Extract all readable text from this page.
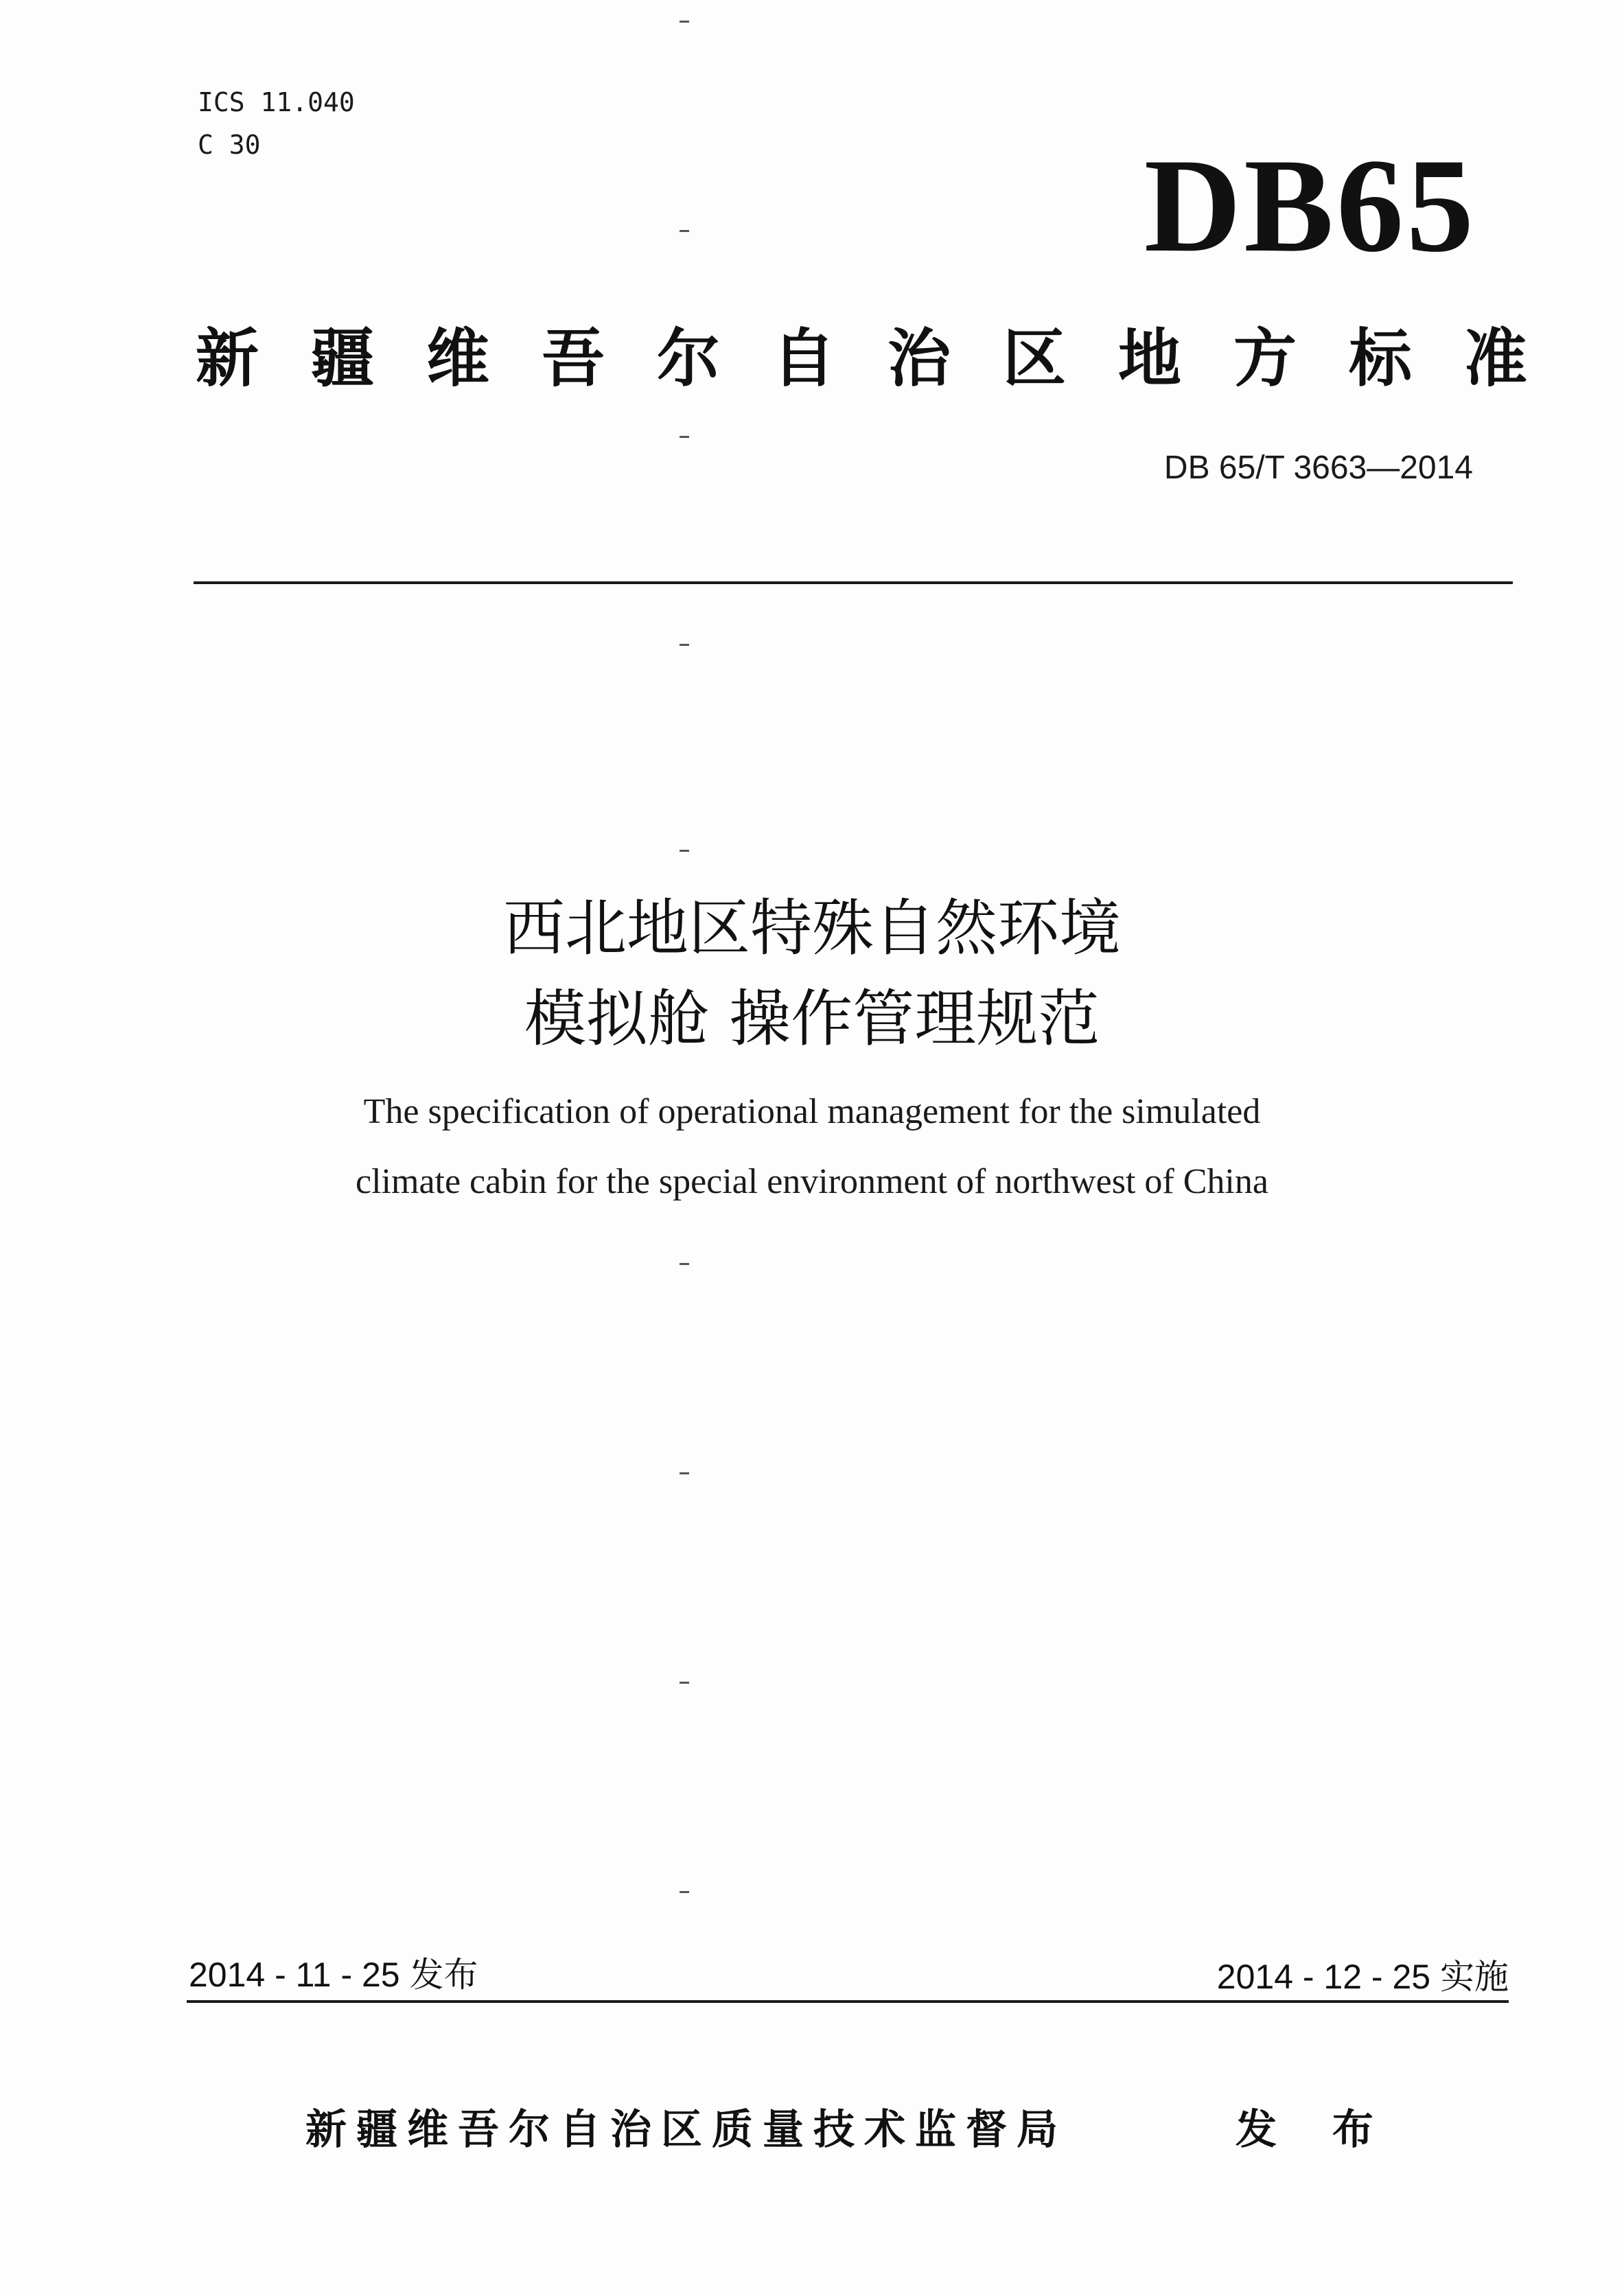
ICS 11.040
C 30	DB65
新疆维吾尔自治区地方标准
DB 65/T 3663—2014
西北地区特殊自然环境
模拟舱 操作管理规范
The specification of operational management for the simulated
climate cabin for the special environment of northwest of China
2014 - 11 - 25 发布	2014 - 12 - 25 实施
新疆维吾尔自治区质量技术监督局	发 布
